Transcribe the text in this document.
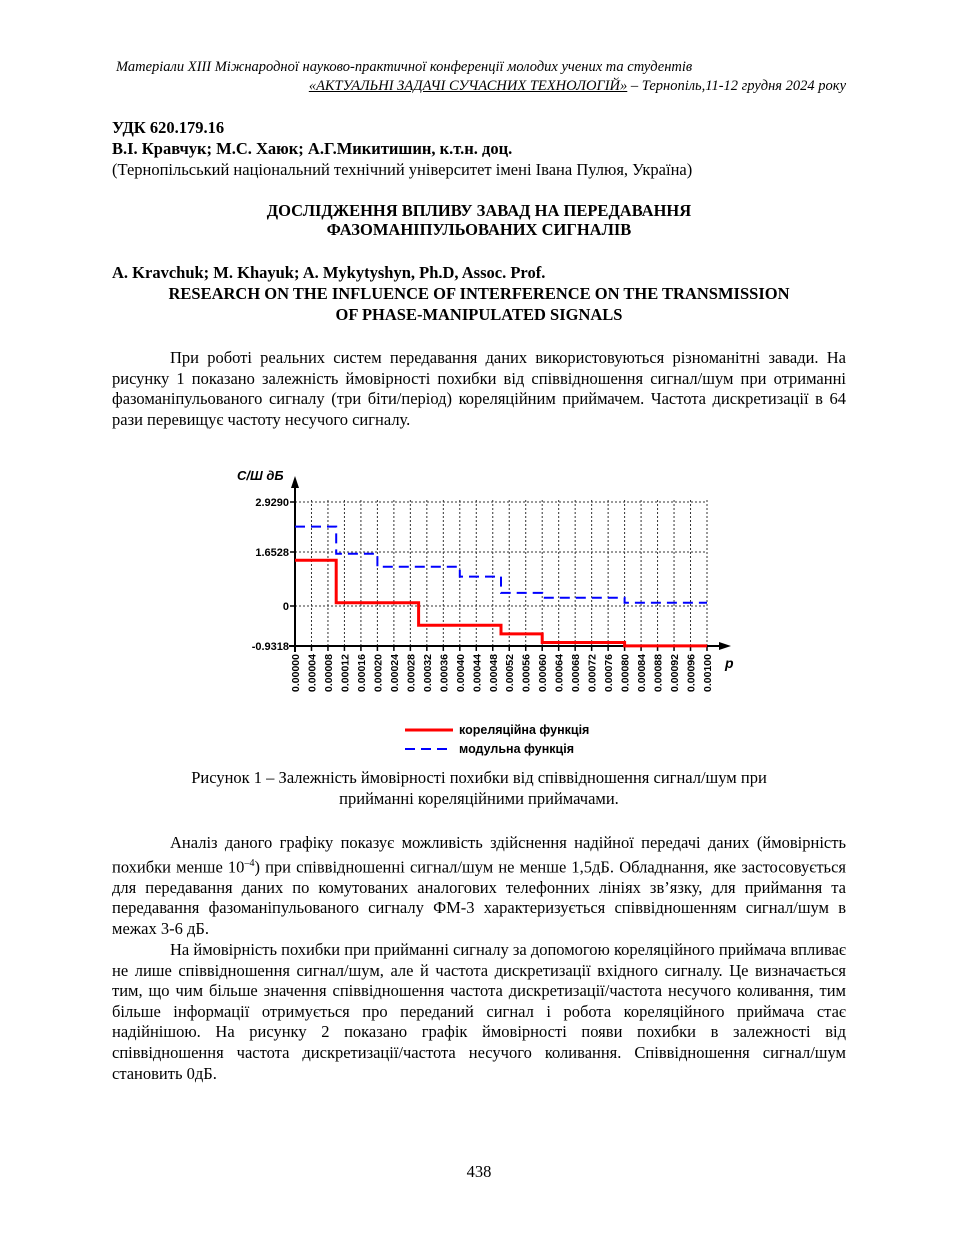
Матеріали XIII Міжнародної науково-практичної конференції молодих учених та студентів
«АКТУАЛЬНІ ЗАДАЧІ СУЧАСНИХ ТЕХНОЛОГІЙ» – Тернопіль,11-12 грудня 2024 року
УДК 620.179.16
В.І. Кравчук; М.С. Хаюк; А.Г.Микитишин, к.т.н. доц.
(Тернопільський національний технічний університет імені Івана Пулюя, Україна)
ДОСЛІДЖЕННЯ ВПЛИВУ ЗАВАД НА ПЕРЕДАВАННЯ
ФАЗОМАНІПУЛЬОВАНИХ СИГНАЛІВ
A. Kravchuk; M. Khayuk; A. Mykytyshyn, Ph.D, Assoc. Prof.
RESEARCH ON THE INFLUENCE OF INTERFERENCE ON THE TRANSMISSION
OF PHASE-MANIPULATED SIGNALS
При роботі реальних систем передавання даних використовуються різноманітні завади. На рисунку 1 показано залежність ймовірності похибки від співвідношення сигнал/шум при отриманні фазоманіпульованого сигналу (три біти/період) кореляційним приймачем. Частота дискретизації в 64 рази перевищує частоту несучого сигналу.
2.9290
1.6528
0
-0.9318
0.00000 0.00004 0.00008 0.00012 0.00016 0.00020 0.00024 0.00028 0.00032 0.00036 0.00040 0.00044 0.00048 0.00052 0.00056 0.00060 0.00064 0.00068 0.00072 0.00076 0.00080 0.00084 0.00088 0.00092 0.00096 0.00100
кореляційна функція
модульна функція
С/Ш дБ
p
Рисунок 1 – Залежність ймовірності похибки від співвідношення сигнал/шум при
прийманні кореляційними приймачами.
Аналіз даного графіку показує можливість здійснення надійної передачі даних (ймовірність похибки менше $10^{-4}$) при співвідношенні сигнал/шум не менше 1,5дБ. Обладнання, яке застосовується для передавання даних по комутованих аналогових телефонних лініях зв’язку, для приймання та передавання фазоманіпульованого сигналу ФМ-3 характеризується співвідношенням сигнал/шум в межах 3-6 дБ.
На ймовірність похибки при прийманні сигналу за допомогою кореляційного приймача впливає не лише співвідношення сигнал/шум, але й частота дискретизації вхідного сигналу. Це визначається тим, що чим більше значення співвідношення частота дискретизації/частота несучого коливання, тим більше інформації отримується про переданий сигнал і робота кореляційного приймача стає надійнішою. На рисунку 2 показано графік ймовірності появи похибки в залежності від співвідношення частота дискретизації/частота несучого коливання. Співвідношення сигнал/шум становить 0дБ.
438
